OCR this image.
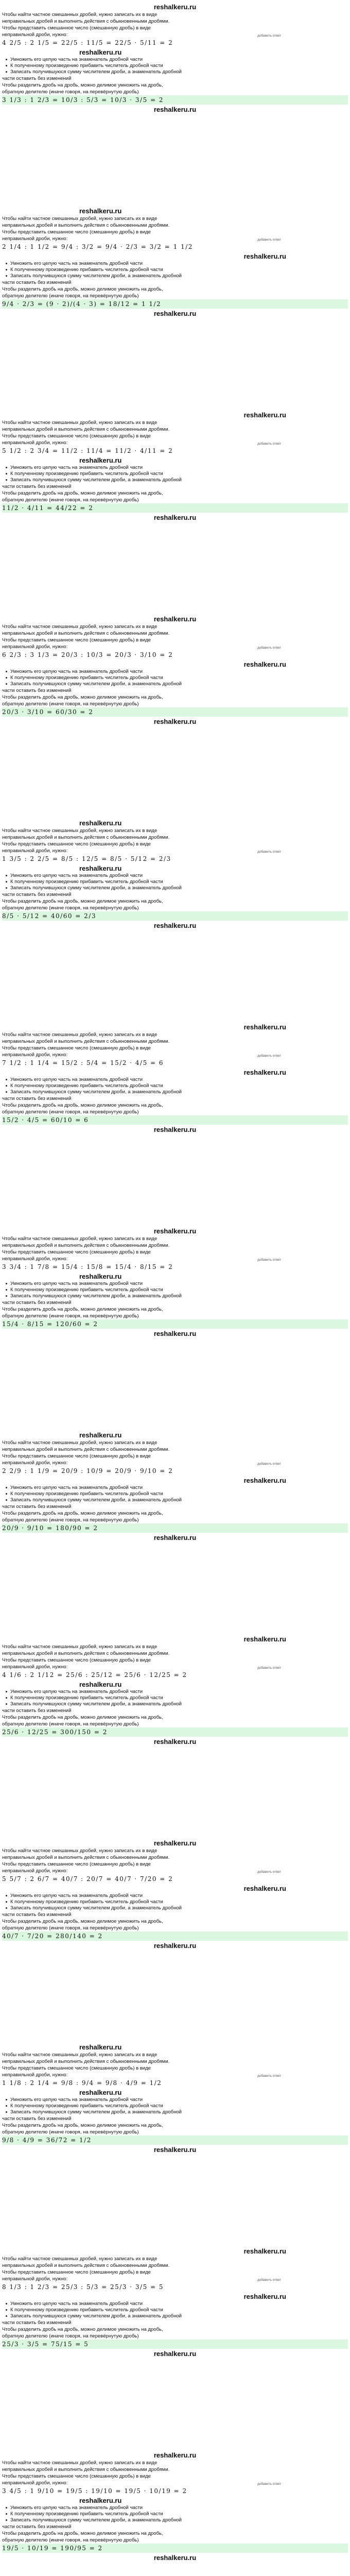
reshalkeru.ru
Чтобы найти частное смешанных дробей, нужно записать их в виде
неправильных дробей и выполнить действия с обыкновенными дробями.
Чтобы представить смешанное число (смешанную дробь) в виде
неправильной дроби, нужно:	добавить ответ
4 2/5 : 2 1/5 = 22/5 : 11/5 = 22/5 · 5/11 = 2
reshalkeru.ru
Умножить его целую часть на знаменатель дробной части
К полученному произведению прибавить числитель дробной части
Записать получившуюся сумму числителем дроби, а знаменатель дробной
части оставить без изменений
Чтобы разделить дробь на дробь, можно делимое умножить на дробь,
обратную делителю (иначе говоря, на перевёрнутую дробь)
3 1/3 : 1 2/3 = 10/3 : 5/3 = 10/3 · 3/5 = 2
reshalkeru.ru
reshalkeru.ru
Чтобы найти частное смешанных дробей, нужно записать их в виде
неправильных дробей и выполнить действия с обыкновенными дробями.
Чтобы представить смешанное число (смешанную дробь) в виде
неправильной дроби, нужно:	добавить ответ
2 1/4 : 1 1/2 = 9/4 : 3/2 = 9/4 · 2/3 = 3/2 = 1 1/2
reshalkeru.ru
Умножить его целую часть на знаменатель дробной части
К полученному произведению прибавить числитель дробной части
Записать получившуюся сумму числителем дроби, а знаменатель дробной
части оставить без изменений
Чтобы разделить дробь на дробь, можно делимое умножить на дробь,
обратную делителю (иначе говоря, на перевёрнутую дробь)
9/4 · 2/3 = (9 · 2)/(4 · 3) = 18/12 = 1 1/2
reshalkeru.ru
reshalkeru.ru
Чтобы найти частное смешанных дробей, нужно записать их в виде
неправильных дробей и выполнить действия с обыкновенными дробями.
Чтобы представить смешанное число (смешанную дробь) в виде
неправильной дроби, нужно:	добавить ответ
5 1/2 : 2 3/4 = 11/2 : 11/4 = 11/2 · 4/11 = 2
reshalkeru.ru
Умножить его целую часть на знаменатель дробной части
К полученному произведению прибавить числитель дробной части
Записать получившуюся сумму числителем дроби, а знаменатель дробной
части оставить без изменений
Чтобы разделить дробь на дробь, можно делимое умножить на дробь,
обратную делителю (иначе говоря, на перевёрнутую дробь)
11/2 · 4/11 = 44/22 = 2
reshalkeru.ru
reshalkeru.ru
Чтобы найти частное смешанных дробей, нужно записать их в виде
неправильных дробей и выполнить действия с обыкновенными дробями.
Чтобы представить смешанное число (смешанную дробь) в виде
неправильной дроби, нужно:	добавить ответ
6 2/3 : 3 1/3 = 20/3 : 10/3 = 20/3 · 3/10 = 2
reshalkeru.ru
Умножить его целую часть на знаменатель дробной части
К полученному произведению прибавить числитель дробной части
Записать получившуюся сумму числителем дроби, а знаменатель дробной
части оставить без изменений
Чтобы разделить дробь на дробь, можно делимое умножить на дробь,
обратную делителю (иначе говоря, на перевёрнутую дробь)
20/3 · 3/10 = 60/30 = 2
reshalkeru.ru
reshalkeru.ru
Чтобы найти частное смешанных дробей, нужно записать их в виде
неправильных дробей и выполнить действия с обыкновенными дробями.
Чтобы представить смешанное число (смешанную дробь) в виде
неправильной дроби, нужно:	добавить ответ
1 3/5 : 2 2/5 = 8/5 : 12/5 = 8/5 · 5/12 = 2/3
reshalkeru.ru
Умножить его целую часть на знаменатель дробной части
К полученному произведению прибавить числитель дробной части
Записать получившуюся сумму числителем дроби, а знаменатель дробной
части оставить без изменений
Чтобы разделить дробь на дробь, можно делимое умножить на дробь,
обратную делителю (иначе говоря, на перевёрнутую дробь)
8/5 · 5/12 = 40/60 = 2/3
reshalkeru.ru
reshalkeru.ru
Чтобы найти частное смешанных дробей, нужно записать их в виде
неправильных дробей и выполнить действия с обыкновенными дробями.
Чтобы представить смешанное число (смешанную дробь) в виде
неправильной дроби, нужно:	добавить ответ
7 1/2 : 1 1/4 = 15/2 : 5/4 = 15/2 · 4/5 = 6
reshalkeru.ru
Умножить его целую часть на знаменатель дробной части
К полученному произведению прибавить числитель дробной части
Записать получившуюся сумму числителем дроби, а знаменатель дробной
части оставить без изменений
Чтобы разделить дробь на дробь, можно делимое умножить на дробь,
обратную делителю (иначе говоря, на перевёрнутую дробь)
15/2 · 4/5 = 60/10 = 6
reshalkeru.ru
reshalkeru.ru
Чтобы найти частное смешанных дробей, нужно записать их в виде
неправильных дробей и выполнить действия с обыкновенными дробями.
Чтобы представить смешанное число (смешанную дробь) в виде
неправильной дроби, нужно:	добавить ответ
3 3/4 : 1 7/8 = 15/4 : 15/8 = 15/4 · 8/15 = 2
reshalkeru.ru
Умножить его целую часть на знаменатель дробной части
К полученному произведению прибавить числитель дробной части
Записать получившуюся сумму числителем дроби, а знаменатель дробной
части оставить без изменений
Чтобы разделить дробь на дробь, можно делимое умножить на дробь,
обратную делителю (иначе говоря, на перевёрнутую дробь)
15/4 · 8/15 = 120/60 = 2
reshalkeru.ru
reshalkeru.ru
Чтобы найти частное смешанных дробей, нужно записать их в виде
неправильных дробей и выполнить действия с обыкновенными дробями.
Чтобы представить смешанное число (смешанную дробь) в виде
неправильной дроби, нужно:	добавить ответ
2 2/9 : 1 1/9 = 20/9 : 10/9 = 20/9 · 9/10 = 2
reshalkeru.ru
Умножить его целую часть на знаменатель дробной части
К полученному произведению прибавить числитель дробной части
Записать получившуюся сумму числителем дроби, а знаменатель дробной
части оставить без изменений
Чтобы разделить дробь на дробь, можно делимое умножить на дробь,
обратную делителю (иначе говоря, на перевёрнутую дробь)
20/9 · 9/10 = 180/90 = 2
reshalkeru.ru
reshalkeru.ru
Чтобы найти частное смешанных дробей, нужно записать их в виде
неправильных дробей и выполнить действия с обыкновенными дробями.
Чтобы представить смешанное число (смешанную дробь) в виде
неправильной дроби, нужно:	добавить ответ
4 1/6 : 2 1/12 = 25/6 : 25/12 = 25/6 · 12/25 = 2
reshalkeru.ru
Умножить его целую часть на знаменатель дробной части
К полученному произведению прибавить числитель дробной части
Записать получившуюся сумму числителем дроби, а знаменатель дробной
части оставить без изменений
Чтобы разделить дробь на дробь, можно делимое умножить на дробь,
обратную делителю (иначе говоря, на перевёрнутую дробь)
25/6 · 12/25 = 300/150 = 2
reshalkeru.ru
reshalkeru.ru
Чтобы найти частное смешанных дробей, нужно записать их в виде
неправильных дробей и выполнить действия с обыкновенными дробями.
Чтобы представить смешанное число (смешанную дробь) в виде
неправильной дроби, нужно:	добавить ответ
5 5/7 : 2 6/7 = 40/7 : 20/7 = 40/7 · 7/20 = 2
reshalkeru.ru
Умножить его целую часть на знаменатель дробной части
К полученному произведению прибавить числитель дробной части
Записать получившуюся сумму числителем дроби, а знаменатель дробной
части оставить без изменений
Чтобы разделить дробь на дробь, можно делимое умножить на дробь,
обратную делителю (иначе говоря, на перевёрнутую дробь)
40/7 · 7/20 = 280/140 = 2
reshalkeru.ru
reshalkeru.ru
Чтобы найти частное смешанных дробей, нужно записать их в виде
неправильных дробей и выполнить действия с обыкновенными дробями.
Чтобы представить смешанное число (смешанную дробь) в виде
неправильной дроби, нужно:	добавить ответ
1 1/8 : 2 1/4 = 9/8 : 9/4 = 9/8 · 4/9 = 1/2
reshalkeru.ru
Умножить его целую часть на знаменатель дробной части
К полученному произведению прибавить числитель дробной части
Записать получившуюся сумму числителем дроби, а знаменатель дробной
части оставить без изменений
Чтобы разделить дробь на дробь, можно делимое умножить на дробь,
обратную делителю (иначе говоря, на перевёрнутую дробь)
9/8 · 4/9 = 36/72 = 1/2
reshalkeru.ru
reshalkeru.ru
Чтобы найти частное смешанных дробей, нужно записать их в виде
неправильных дробей и выполнить действия с обыкновенными дробями.
Чтобы представить смешанное число (смешанную дробь) в виде
неправильной дроби, нужно:	добавить ответ
8 1/3 : 1 2/3 = 25/3 : 5/3 = 25/3 · 3/5 = 5
reshalkeru.ru
Умножить его целую часть на знаменатель дробной части
К полученному произведению прибавить числитель дробной части
Записать получившуюся сумму числителем дроби, а знаменатель дробной
части оставить без изменений
Чтобы разделить дробь на дробь, можно делимое умножить на дробь,
обратную делителю (иначе говоря, на перевёрнутую дробь)
25/3 · 3/5 = 75/15 = 5
reshalkeru.ru
reshalkeru.ru
Чтобы найти частное смешанных дробей, нужно записать их в виде
неправильных дробей и выполнить действия с обыкновенными дробями.
Чтобы представить смешанное число (смешанную дробь) в виде
неправильной дроби, нужно:	добавить ответ
3 4/5 : 1 9/10 = 19/5 : 19/10 = 19/5 · 10/19 = 2
reshalkeru.ru
Умножить его целую часть на знаменатель дробной части
К полученному произведению прибавить числитель дробной части
Записать получившуюся сумму числителем дроби, а знаменатель дробной
части оставить без изменений
Чтобы разделить дробь на дробь, можно делимое умножить на дробь,
обратную делителю (иначе говоря, на перевёрнутую дробь)
19/5 · 10/19 = 190/95 = 2
reshalkeru.ru
